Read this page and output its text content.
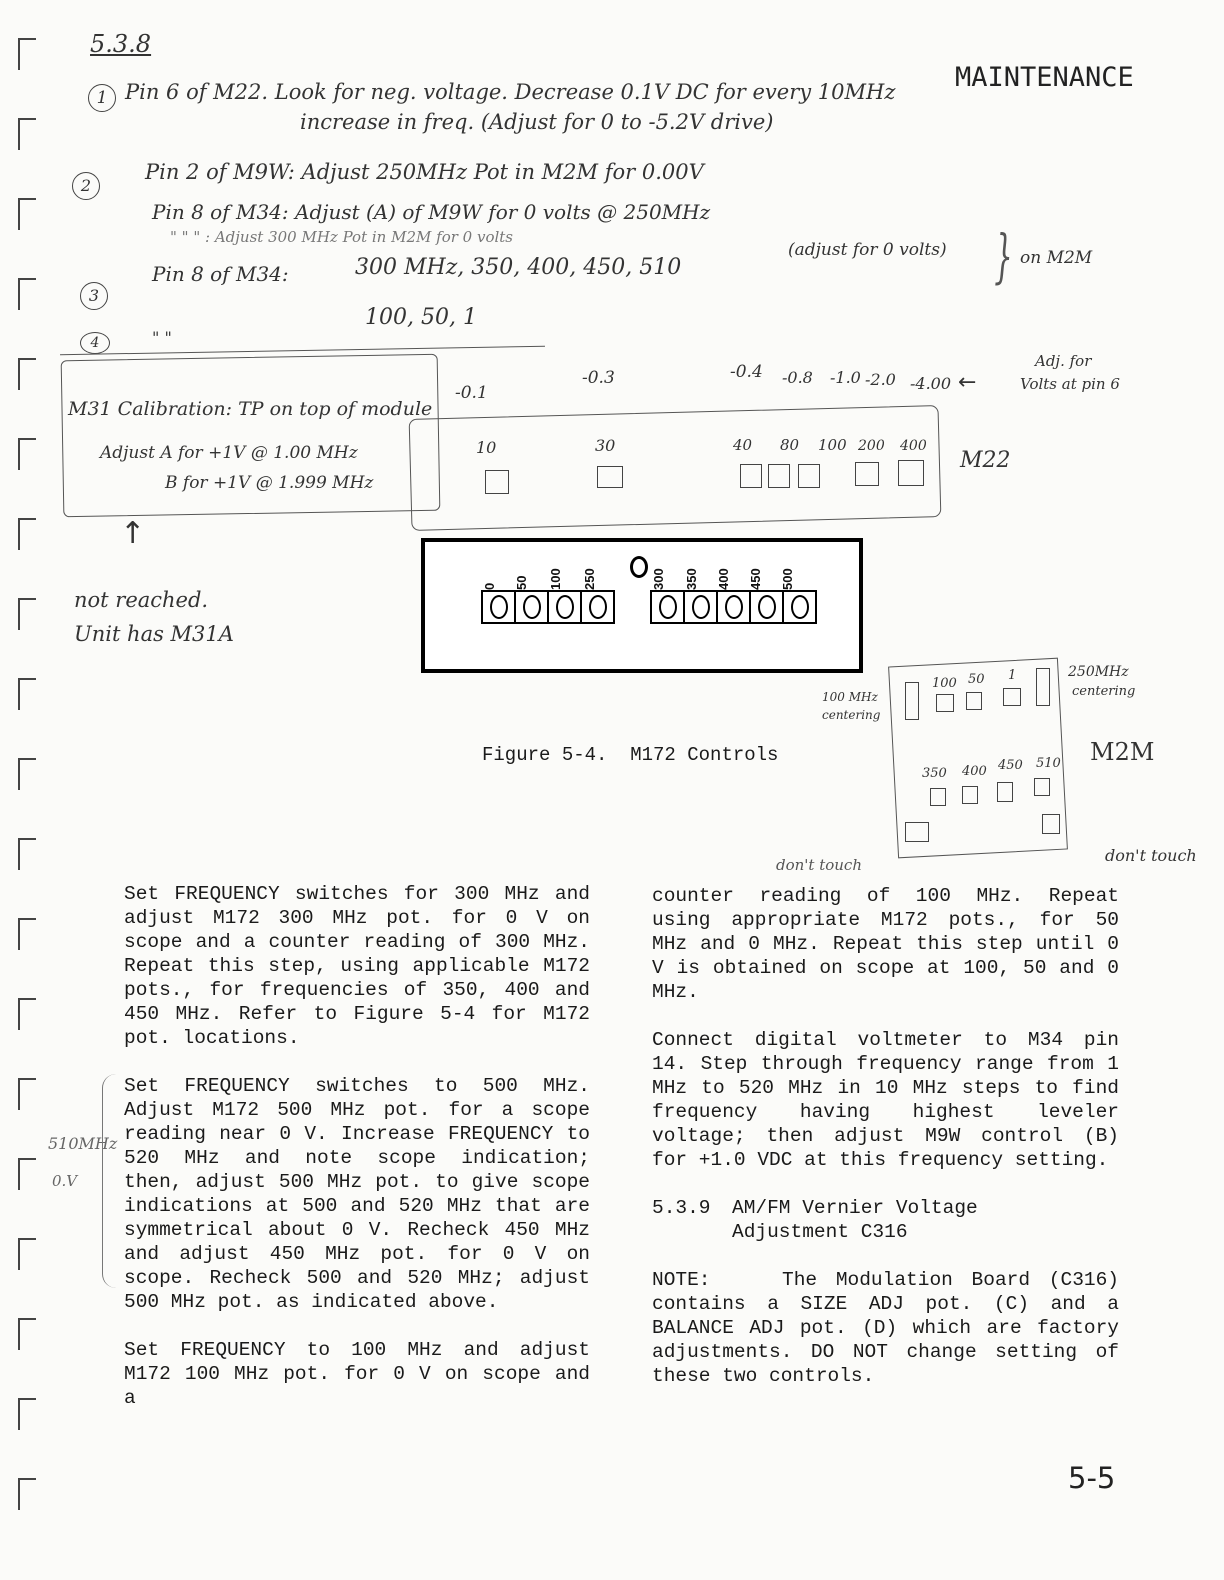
MAINTENANCE
5.3.8
1 Pin 6 of M22. Look for neg. voltage. Decrease 0.1V DC for every 10MHz
increase in freq. (Adjust for 0 to -5.2V drive)
2
Pin 2 of M9W: Adjust 250MHz Pot in M2M for 0.00V
Pin 8 of M34: Adjust (A) of M9W for 0 volts @ 250MHz
" " " : Adjust 300 MHz Pot in M2M for 0 volts
3
Pin 8 of M34:	300 MHz, 350, 400, 450, 510
(adjust for 0 volts) } on M2M
4	" "
100, 50, 1
M31 Calibration: TP on top of module
Adjust A for +1V @ 1.00 MHz
B for +1V @ 1.999 MHz
↑
not reached.
Unit has M31A
-0.1
-0.3	-0.4 -0.8 -1.0 -2.0 -4.00 ←
Adj. for
Volts at pin 6
10	30	40 80 100 200 400
M22
0 50 100 250	300 350 400 450 500
100 50 1	250MHz
centering
100 MHz
centering
M2M
350 400 450 510
don't touch	don't touch
Figure 5-4.  M172 Controls
510MHz
0.V

Set FREQUENCY switches for 300 MHz and adjust M172 300 MHz pot. for 0 V on scope and a counter reading of 300 MHz. Repeat this step, using applicable M172 pots., for frequencies of 350, 400 and 450 MHz. Refer to Figure 5-4 for M172 pot. locations.

Set FREQUENCY switches to 500 MHz. Adjust M172 500 MHz pot. for a scope reading near 0 V. Increase FREQUENCY to 520 MHz and note scope indication; then, adjust 500 MHz pot. to give scope indications at 500 and 520 MHz that are symmetrical about 0 V. Recheck 450 MHz and adjust 450 MHz pot. for 0 V on scope. Recheck 500 and 520 MHz; adjust 500 MHz pot. as indicated above.

Set FREQUENCY to 100 MHz and adjust M172 100 MHz pot. for 0 V on scope and a

counter reading of 100 MHz. Repeat using appropriate M172 pots., for 50 MHz and 0 MHz. Repeat this step until 0 V is obtained on scope at 100, 50 and 0 MHz.

Connect digital voltmeter to M34 pin 14. Step through frequency range from 1 MHz to 520 MHz in 10 MHz steps to find frequency having highest leveler voltage; then adjust M9W control (B) for +1.0 VDC at this frequency setting.

5.3.9	AM/FM Vernier Voltage Adjustment C316

NOTE:	The Modulation Board (C316) contains a SIZE ADJ pot. (C) and a BALANCE ADJ pot. (D) which are factory adjustments. DO NOT change setting of these two controls.

5-5
